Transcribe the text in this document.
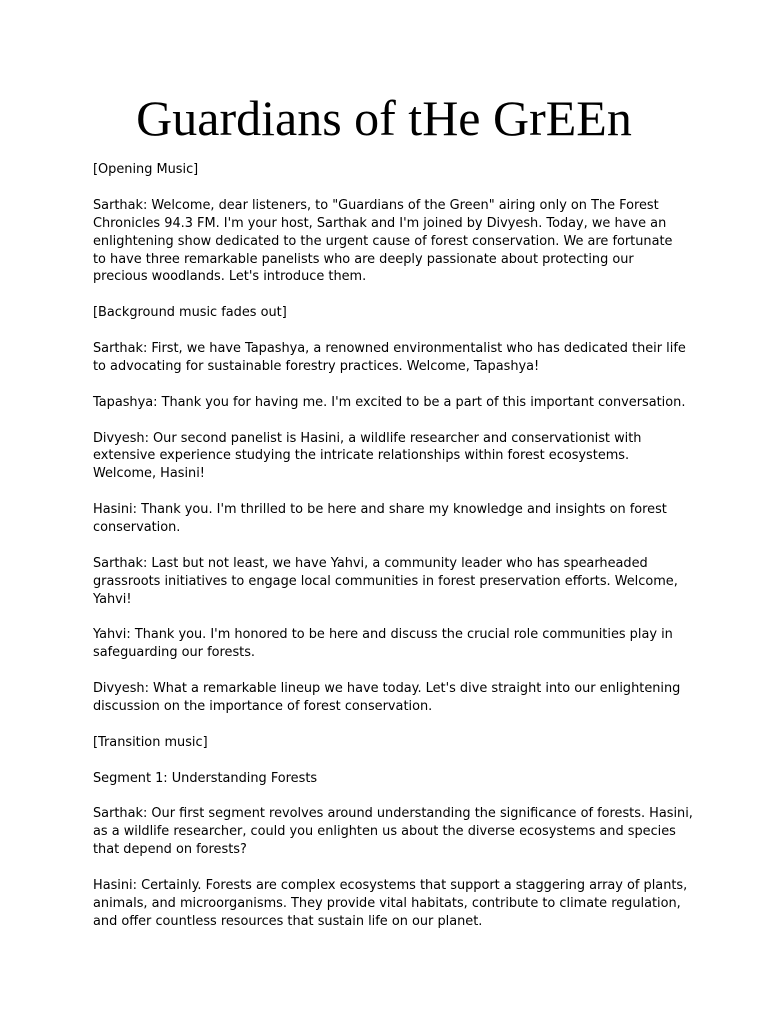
Guardians of tHe GrEEn

[Opening Music]

Sarthak: Welcome, dear listeners, to "Guardians of the Green" airing only on The Forest
Chronicles 94.3 FM. I'm your host, Sarthak and I'm joined by Divyesh. Today, we have an
enlightening show dedicated to the urgent cause of forest conservation. We are fortunate
to have three remarkable panelists who are deeply passionate about protecting our
precious woodlands. Let's introduce them.

[Background music fades out]

Sarthak: First, we have Tapashya, a renowned environmentalist who has dedicated their life
to advocating for sustainable forestry practices. Welcome, Tapashya!

Tapashya: Thank you for having me. I'm excited to be a part of this important conversation.

Divyesh: Our second panelist is Hasini, a wildlife researcher and conservationist with
extensive experience studying the intricate relationships within forest ecosystems.
Welcome, Hasini!

Hasini: Thank you. I'm thrilled to be here and share my knowledge and insights on forest
conservation.

Sarthak: Last but not least, we have Yahvi, a community leader who has spearheaded
grassroots initiatives to engage local communities in forest preservation efforts. Welcome,
Yahvi!

Yahvi: Thank you. I'm honored to be here and discuss the crucial role communities play in
safeguarding our forests.

Divyesh: What a remarkable lineup we have today. Let's dive straight into our enlightening
discussion on the importance of forest conservation.

[Transition music]

Segment 1: Understanding Forests

Sarthak: Our first segment revolves around understanding the significance of forests. Hasini,
as a wildlife researcher, could you enlighten us about the diverse ecosystems and species
that depend on forests?

Hasini: Certainly. Forests are complex ecosystems that support a staggering array of plants,
animals, and microorganisms. They provide vital habitats, contribute to climate regulation,
and offer countless resources that sustain life on our planet.
